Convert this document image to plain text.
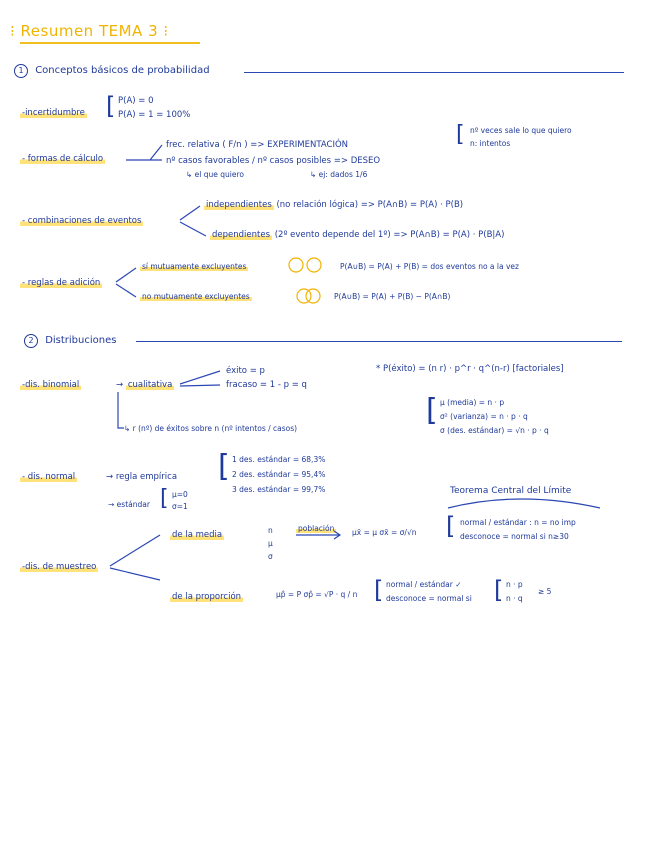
⁝ Resumen TEMA 3 ⁝
1 Conceptos básicos de probabilidad
-incertidumbre [ P(A) = 0
P(A) = 1 = 100%
- formas de cálculo
frec. relativa ( F/n ) => EXPERIMENTACIÓN
nº casos favorables / nº casos posibles => DESEO
↳ el que quiero	↳ ej: dados 1/6
[ nº veces sale lo que quiero
n: intentos
- combinaciones de eventos
independientes (no relación lógica) => P(A∩B) = P(A) · P(B)
dependientes (2º evento depende del 1º) => P(A∩B) = P(A) · P(B|A)
- reglas de adición
sí mutuamente excluyentes	P(A∪B) = P(A) + P(B) = dos eventos no a la vez
no mutuamente excluyentes	P(A∪B) = P(A) + P(B) − P(A∩B)
2 Distribuciones
-dis. binomial	→ cualitativa
éxito = p
fracaso = 1 - p = q
* P(éxito) = (n r) · p^r · q^(n-r) [factoriales]
↳ r (nº) de éxitos sobre n (nº intentos / casos)
[ μ (media) = n · p
σ² (varianza) = n · p · q
σ (des. estándar) = √n · p · q
- dis. normal	→ regla empírica [ 1 des. estándar = 68,3%
2 des. estándar = 95,4%
3 des. estándar = 99,7%
→ estándar [ μ=0
σ=1
Teorema Central del Límite
-dis. de muestreo
de la media	n μ σ
población μx̄ = μ σx̄ = σ/√n [ normal / estándar : n = no imp
desconoce = normal si n≥30
de la proporción	μp̂ = P σp̂ = √P · q / n [ normal / estándar ✓
desconoce = normal si [ n · p
n · q
≥ 5
